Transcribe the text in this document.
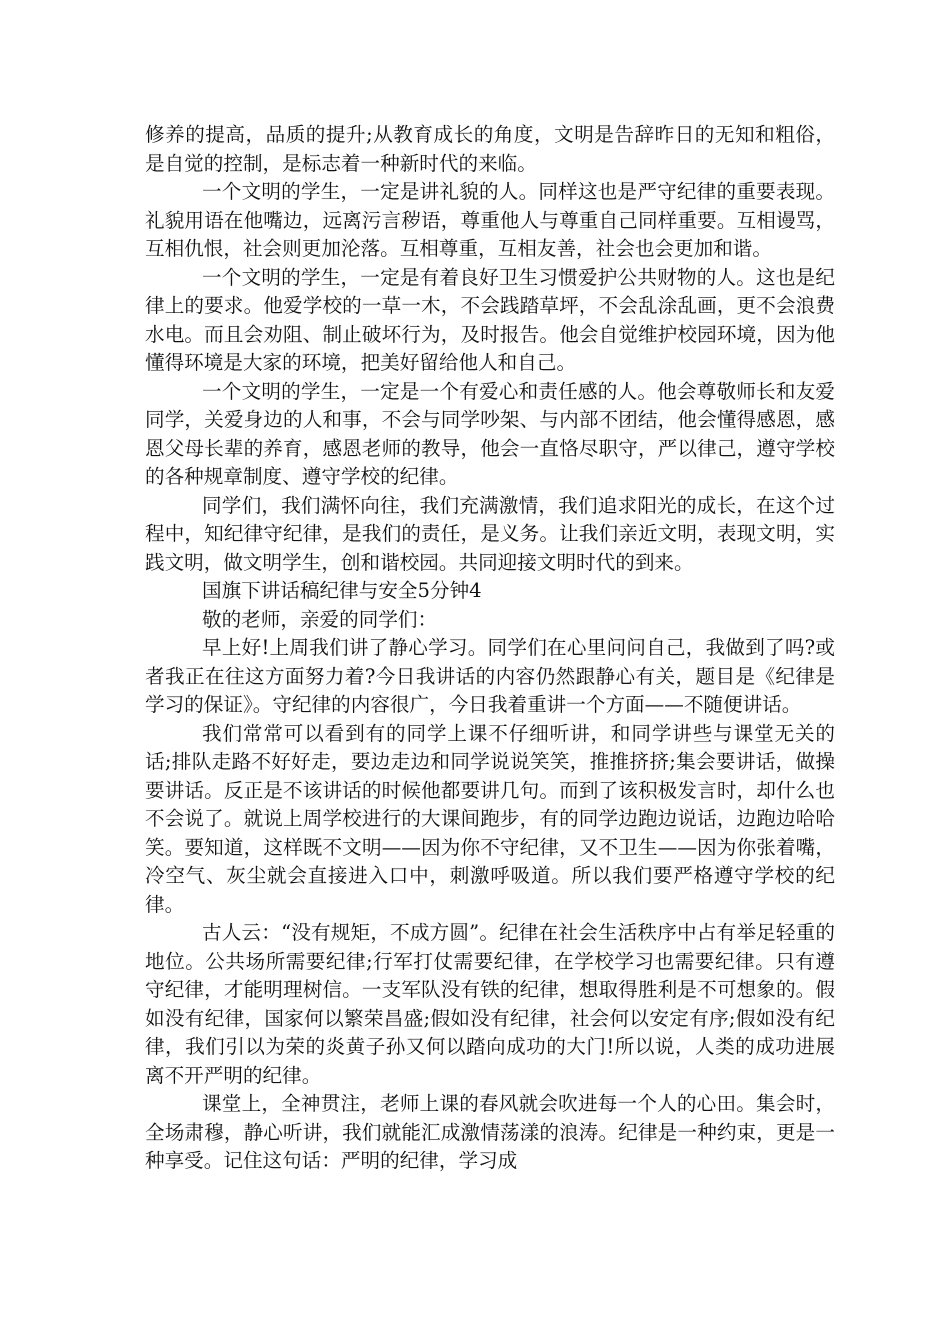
修养的提高，品质的提升;从教育成长的角度，文明是告辞昨日的无知和粗俗，是自觉的控制，是标志着一种新时代的来临。

一个文明的学生，一定是讲礼貌的人。同样这也是严守纪律的重要表现。礼貌用语在他嘴边，远离污言秽语，尊重他人与尊重自己同样重要。互相谩骂，互相仇恨，社会则更加沦落。互相尊重，互相友善，社会也会更加和谐。

一个文明的学生，一定是有着良好卫生习惯爱护公共财物的人。这也是纪律上的要求。他爱学校的一草一木，不会践踏草坪，不会乱涂乱画，更不会浪费水电。而且会劝阻、制止破坏行为，及时报告。他会自觉维护校园环境，因为他懂得环境是大家的环境，把美好留给他人和自己。

一个文明的学生，一定是一个有爱心和责任感的人。他会尊敬师长和友爱同学，关爱身边的人和事，不会与同学吵架、与内部不团结，他会懂得感恩，感恩父母长辈的养育，感恩老师的教导，他会一直恪尽职守，严以律己，遵守学校的各种规章制度、遵守学校的纪律。

同学们，我们满怀向往，我们充满激情，我们追求阳光的成长，在这个过程中，知纪律守纪律，是我们的责任，是义务。让我们亲近文明，表现文明，实践文明，做文明学生，创和谐校园。共同迎接文明时代的到来。

国旗下讲话稿纪律与安全5分钟4

敬的老师，亲爱的同学们：

早上好!上周我们讲了静心学习。同学们在心里问问自己，我做到了吗?或者我正在往这方面努力着?今日我讲话的内容仍然跟静心有关，题目是《纪律是学习的保证》。守纪律的内容很广，今日我着重讲一个方面——不随便讲话。

我们常常可以看到有的同学上课不仔细听讲，和同学讲些与课堂无关的话;排队走路不好好走，要边走边和同学说说笑笑，推推挤挤;集会要讲话，做操要讲话。反正是不该讲话的时候他都要讲几句。而到了该积极发言时，却什么也不会说了。就说上周学校进行的大课间跑步，有的同学边跑边说话，边跑边哈哈笑。要知道，这样既不文明——因为你不守纪律，又不卫生——因为你张着嘴，冷空气、灰尘就会直接进入口中，刺激呼吸道。所以我们要严格遵守学校的纪律。

古人云：“没有规矩，不成方圆”。纪律在社会生活秩序中占有举足轻重的地位。公共场所需要纪律;行军打仗需要纪律，在学校学习也需要纪律。只有遵守纪律，才能明理树信。一支军队没有铁的纪律，想取得胜利是不可想象的。假如没有纪律，国家何以繁荣昌盛;假如没有纪律，社会何以安定有序;假如没有纪律，我们引以为荣的炎黄子孙又何以踏向成功的大门!所以说，人类的成功进展离不开严明的纪律。

课堂上，全神贯注，老师上课的春风就会吹进每一个人的心田。集会时，全场肃穆，静心听讲，我们就能汇成激情荡漾的浪涛。纪律是一种约束，更是一种享受。记住这句话：严明的纪律，学习成
